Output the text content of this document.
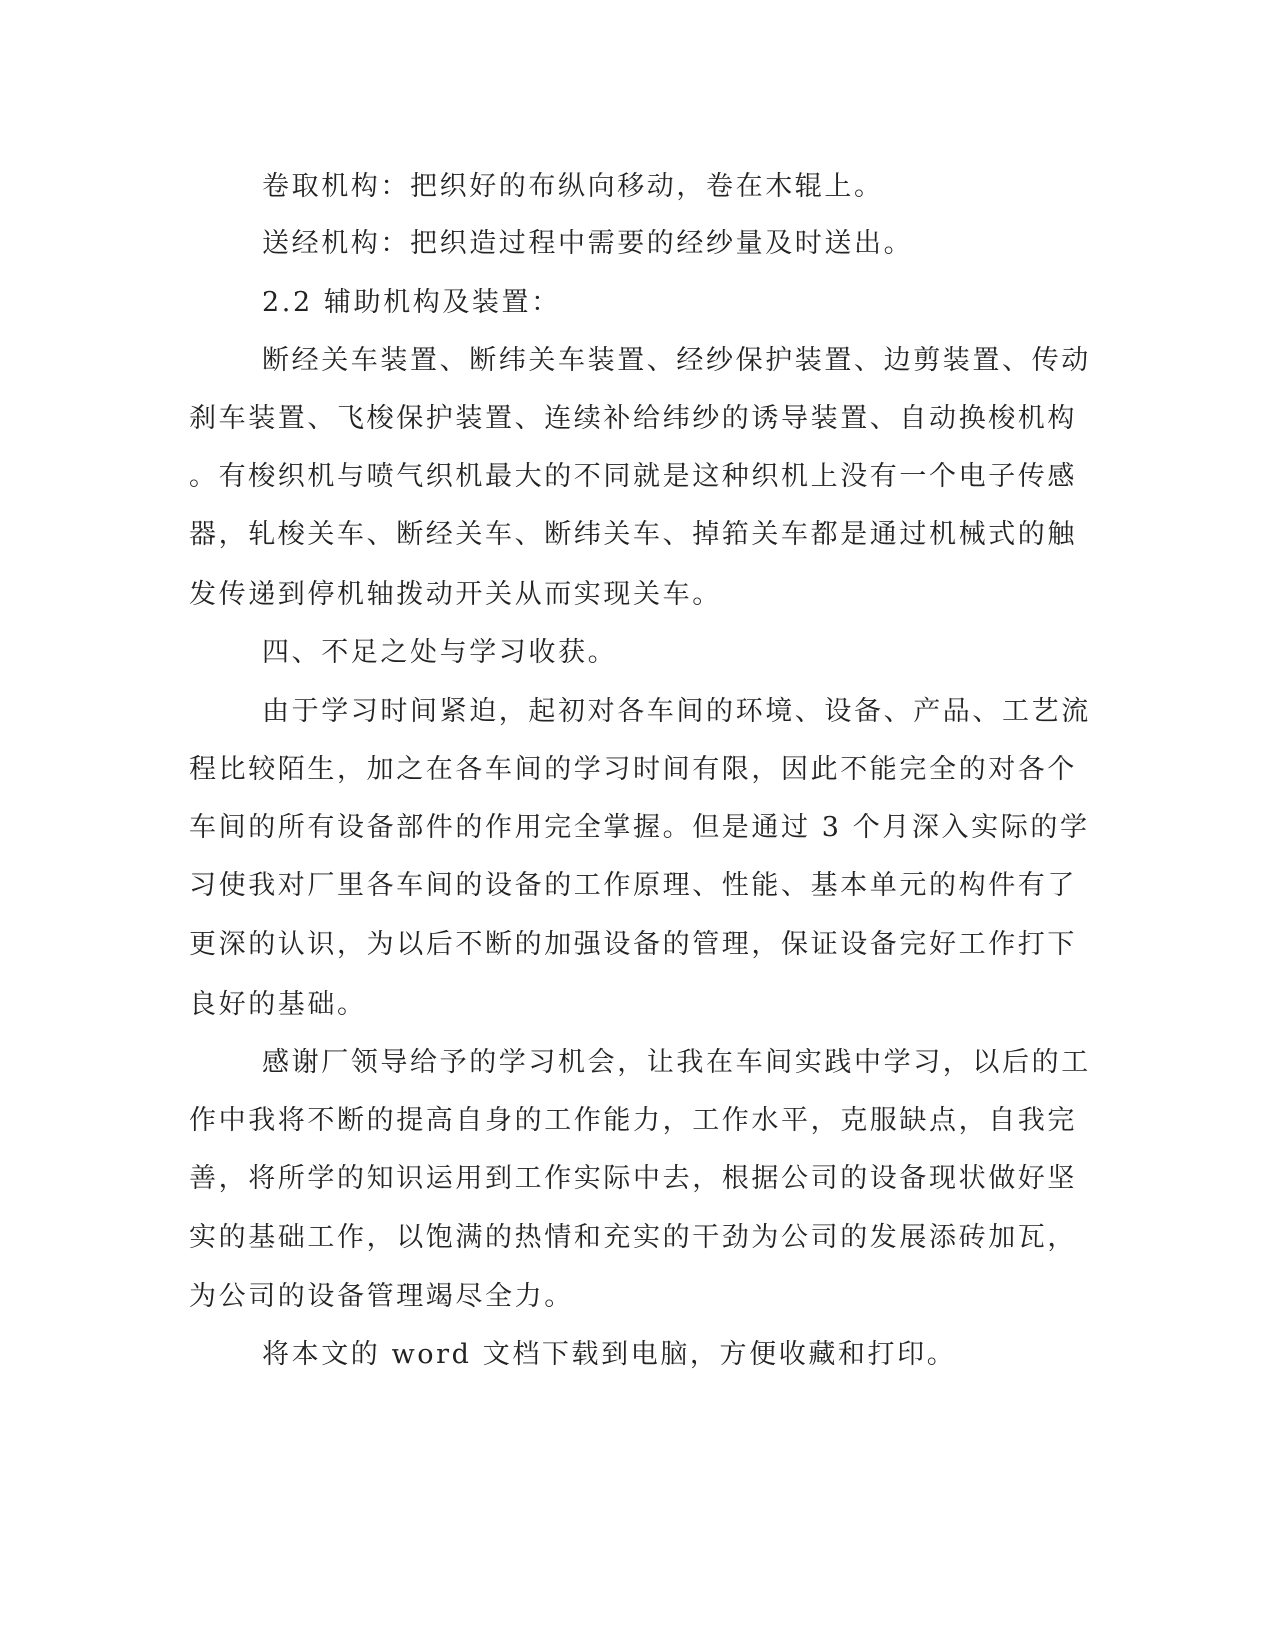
卷取机构：把织好的布纵向移动，卷在木辊上。
送经机构：把织造过程中需要的经纱量及时送出。
2.2 辅助机构及装置：
断经关车装置、断纬关车装置、经纱保护装置、边剪装置、传动
刹车装置、飞梭保护装置、连续补给纬纱的诱导装置、自动换梭机构
。有梭织机与喷气织机最大的不同就是这种织机上没有一个电子传感
器，轧梭关车、断经关车、断纬关车、掉筘关车都是通过机械式的触
发传递到停机轴拨动开关从而实现关车。
四、不足之处与学习收获。
由于学习时间紧迫，起初对各车间的环境、设备、产品、工艺流
程比较陌生，加之在各车间的学习时间有限，因此不能完全的对各个
车间的所有设备部件的作用完全掌握。但是通过 3 个月深入实际的学
习使我对厂里各车间的设备的工作原理、性能、基本单元的构件有了
更深的认识，为以后不断的加强设备的管理，保证设备完好工作打下
良好的基础。
感谢厂领导给予的学习机会，让我在车间实践中学习，以后的工
作中我将不断的提高自身的工作能力，工作水平，克服缺点，自我完
善，将所学的知识运用到工作实际中去，根据公司的设备现状做好坚
实的基础工作，以饱满的热情和充实的干劲为公司的发展添砖加瓦，
为公司的设备管理竭尽全力。
将本文的 word 文档下载到电脑，方便收藏和打印。
